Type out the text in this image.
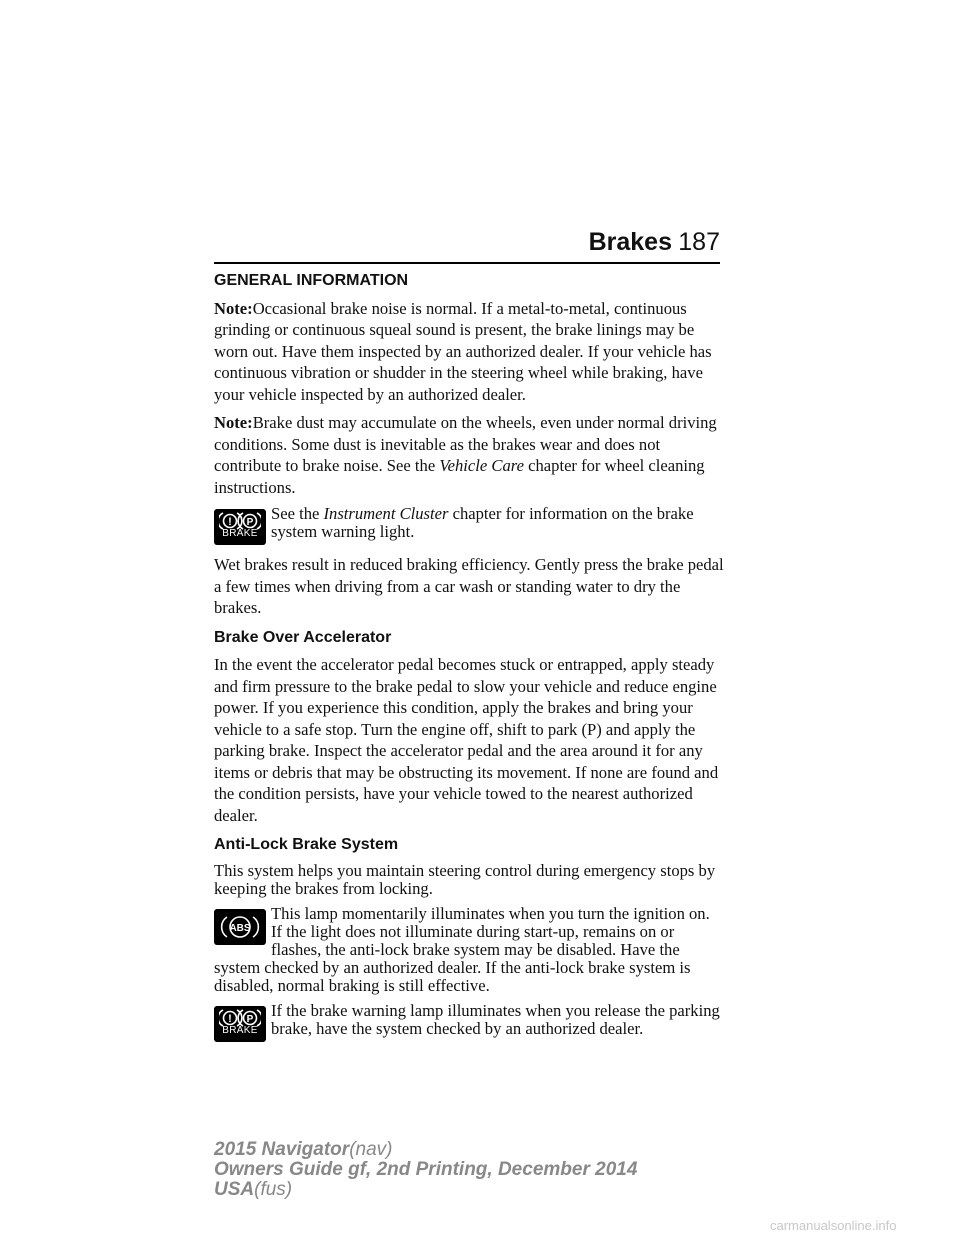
Brakes 187
GENERAL INFORMATION

Note:Occasional brake noise is normal. If a metal-to-metal, continuous grinding or continuous squeal sound is present, the brake linings may be worn out. Have them inspected by an authorized dealer. If your vehicle has continuous vibration or shudder in the steering wheel while braking, have your vehicle inspected by an authorized dealer.

Note:Brake dust may accumulate on the wheels, even under normal driving conditions. Some dust is inevitable as the brakes wear and does not contribute to brake noise. See the Vehicle Care chapter for wheel cleaning instructions.

! P
BRAKE
See the Instrument Cluster chapter for information on the brake system warning light.

Wet brakes result in reduced braking efficiency. Gently press the brake pedal a few times when driving from a car wash or standing water to dry the brakes.

Brake Over Accelerator

In the event the accelerator pedal becomes stuck or entrapped, apply steady and firm pressure to the brake pedal to slow your vehicle and reduce engine power. If you experience this condition, apply the brakes and bring your vehicle to a safe stop. Turn the engine off, shift to park (P) and apply the parking brake. Inspect the accelerator pedal and the area around it for any items or debris that may be obstructing its movement. If none are found and the condition persists, have your vehicle towed to the nearest authorized dealer.

Anti-Lock Brake System

This system helps you maintain steering control during emergency stops by keeping the brakes from locking.

ABS
This lamp momentarily illuminates when you turn the ignition on. If the light does not illuminate during start-up, remains on or flashes, the anti-lock brake system may be disabled. Have the system checked by an authorized dealer. If the anti-lock brake system is disabled, normal braking is still effective.
! P
BRAKE
If the brake warning lamp illuminates when you release the parking brake, have the system checked by an authorized dealer.
2015 Navigator(nav)
Owners Guide gf, 2nd Printing, December 2014
USA(fus)
carmanualsonline.info
